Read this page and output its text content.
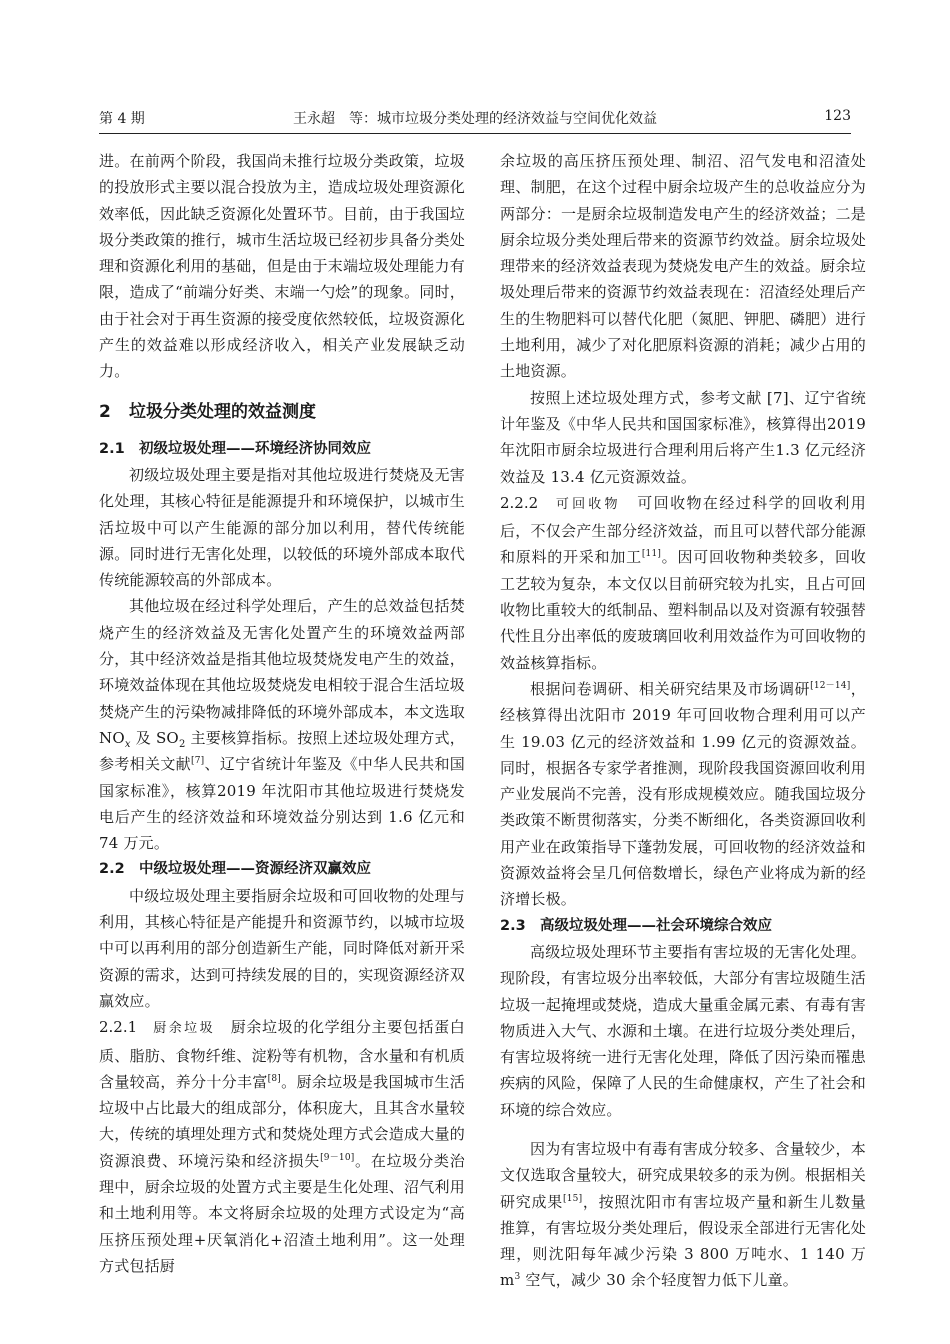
第 4 期	王永超　等：城市垃圾分类处理的经济效益与空间优化效益	123

进。在前两个阶段，我国尚未推行垃圾分类政策，垃圾的投放形式主要以混合投放为主，造成垃圾处理资源化效率低，因此缺乏资源化处置环节。目前，由于我国垃圾分类政策的推行，城市生活垃圾已经初步具备分类处理和资源化利用的基础，但是由于末端垃圾处理能力有限，造成了“前端分好类、末端一勺烩”的现象。同时，由于社会对于再生资源的接受度依然较低，垃圾资源化产生的效益难以形成经济收入，相关产业发展缺乏动力。

2 垃圾分类处理的效益测度
2.1 初级垃圾处理——环境经济协同效应

初级垃圾处理主要是指对其他垃圾进行焚烧及无害化处理，其核心特征是能源提升和环境保护，以城市生活垃圾中可以产生能源的部分加以利用，替代传统能源。同时进行无害化处理，以较低的环境外部成本取代传统能源较高的外部成本。

其他垃圾在经过科学处理后，产生的总效益包括焚烧产生的经济效益及无害化处置产生的环境效益两部分，其中经济效益是指其他垃圾焚烧发电产生的效益，环境效益体现在其他垃圾焚烧发电相较于混合生活垃圾焚烧产生的污染物减排降低的环境外部成本，本文选取 $NO_x$ 及 $SO_2$ 主要核算指标。按照上述垃圾处理方式，参考相关文献[7]、辽宁省统计年鉴及《中华人民共和国国家标准》，核算2019 年沈阳市其他垃圾进行焚烧发电后产生的经济效益和环境效益分别达到 1.6 亿元和 74 万元。

2.2 中级垃圾处理——资源经济双赢效应

中级垃圾处理主要指厨余垃圾和可回收物的处理与利用，其核心特征是产能提升和资源节约，以城市垃圾中可以再利用的部分创造新生产能，同时降低对新开采资源的需求，达到可持续发展的目的，实现资源经济双赢效应。

2.2.1　 厨余垃圾　 厨余垃圾的化学组分主要包括蛋白质、脂肪、食物纤维、淀粉等有机物，含水量和有机质含量较高，养分十分丰富[8]。厨余垃圾是我国城市生活垃圾中占比最大的组成部分，体积庞大，且其含水量较大，传统的填埋处理方式和焚烧处理方式会造成大量的资源浪费、环境污染和经济损失[9－10]。在垃圾分类治理中，厨余垃圾的处置方式主要是生化处理、沼气利用和土地利用等。本文将厨余垃圾的处理方式设定为“高压挤压预处理+厌氧消化+沼渣土地利用”。这一处理方式包括厨

余垃圾的高压挤压预处理、制沼、沼气发电和沼渣处理、制肥，在这个过程中厨余垃圾产生的总收益应分为两部分：一是厨余垃圾制造发电产生的经济效益；二是厨余垃圾分类处理后带来的资源节约效益。厨余垃圾处理带来的经济效益表现为焚烧发电产生的效益。厨余垃圾处理后带来的资源节约效益表现在：沼渣经处理后产生的生物肥料可以替代化肥（氮肥、钾肥、磷肥）进行土地利用，减少了对化肥原料资源的消耗；减少占用的土地资源。

按照上述垃圾处理方式，参考文献 [7]、辽宁省统计年鉴及《中华人民共和国国家标准》，核算得出2019 年沈阳市厨余垃圾进行合理利用后将产生1.3 亿元经济效益及 13.4 亿元资源效益。

2.2.2　 可回收物　 可回收物在经过科学的回收利用后，不仅会产生部分经济效益，而且可以替代部分能源和原料的开采和加工[11]。因可回收物种类较多，回收工艺较为复杂，本文仅以目前研究较为扎实，且占可回收物比重较大的纸制品、塑料制品以及对资源有较强替代性且分出率低的废玻璃回收利用效益作为可回收物的效益核算指标。

根据问卷调研、相关研究结果及市场调研[12－14]，经核算得出沈阳市 2019 年可回收物合理利用可以产生 19.03 亿元的经济效益和 1.99 亿元的资源效益。同时，根据各专家学者推测，现阶段我国资源回收利用产业发展尚不完善，没有形成规模效应。随我国垃圾分类政策不断贯彻落实，分类不断细化，各类资源回收利用产业在政策指导下蓬勃发展，可回收物的经济效益和资源效益将会呈几何倍数增长，绿色产业将成为新的经济增长极。

2.3 高级垃圾处理——社会环境综合效应

高级垃圾处理环节主要指有害垃圾的无害化处理。现阶段，有害垃圾分出率较低，大部分有害垃圾随生活垃圾一起掩埋或焚烧，造成大量重金属元素、有毒有害物质进入大气、水源和土壤。在进行垃圾分类处理后，有害垃圾将统一进行无害化处理，降低了因污染而罹患疾病的风险，保障了人民的生命健康权，产生了社会和环境的综合效应。

因为有害垃圾中有毒有害成分较多、含量较少，本文仅选取含量较大，研究成果较多的汞为例。根据相关研究成果[15]，按照沈阳市有害垃圾产量和新生儿数量推算，有害垃圾分类处理后，假设汞全部进行无害化处理，则沈阳每年减少污染 3 800 万吨水、1 140 万 $m^3$ 空气，减少 30 余个轻度智力低下儿童。
